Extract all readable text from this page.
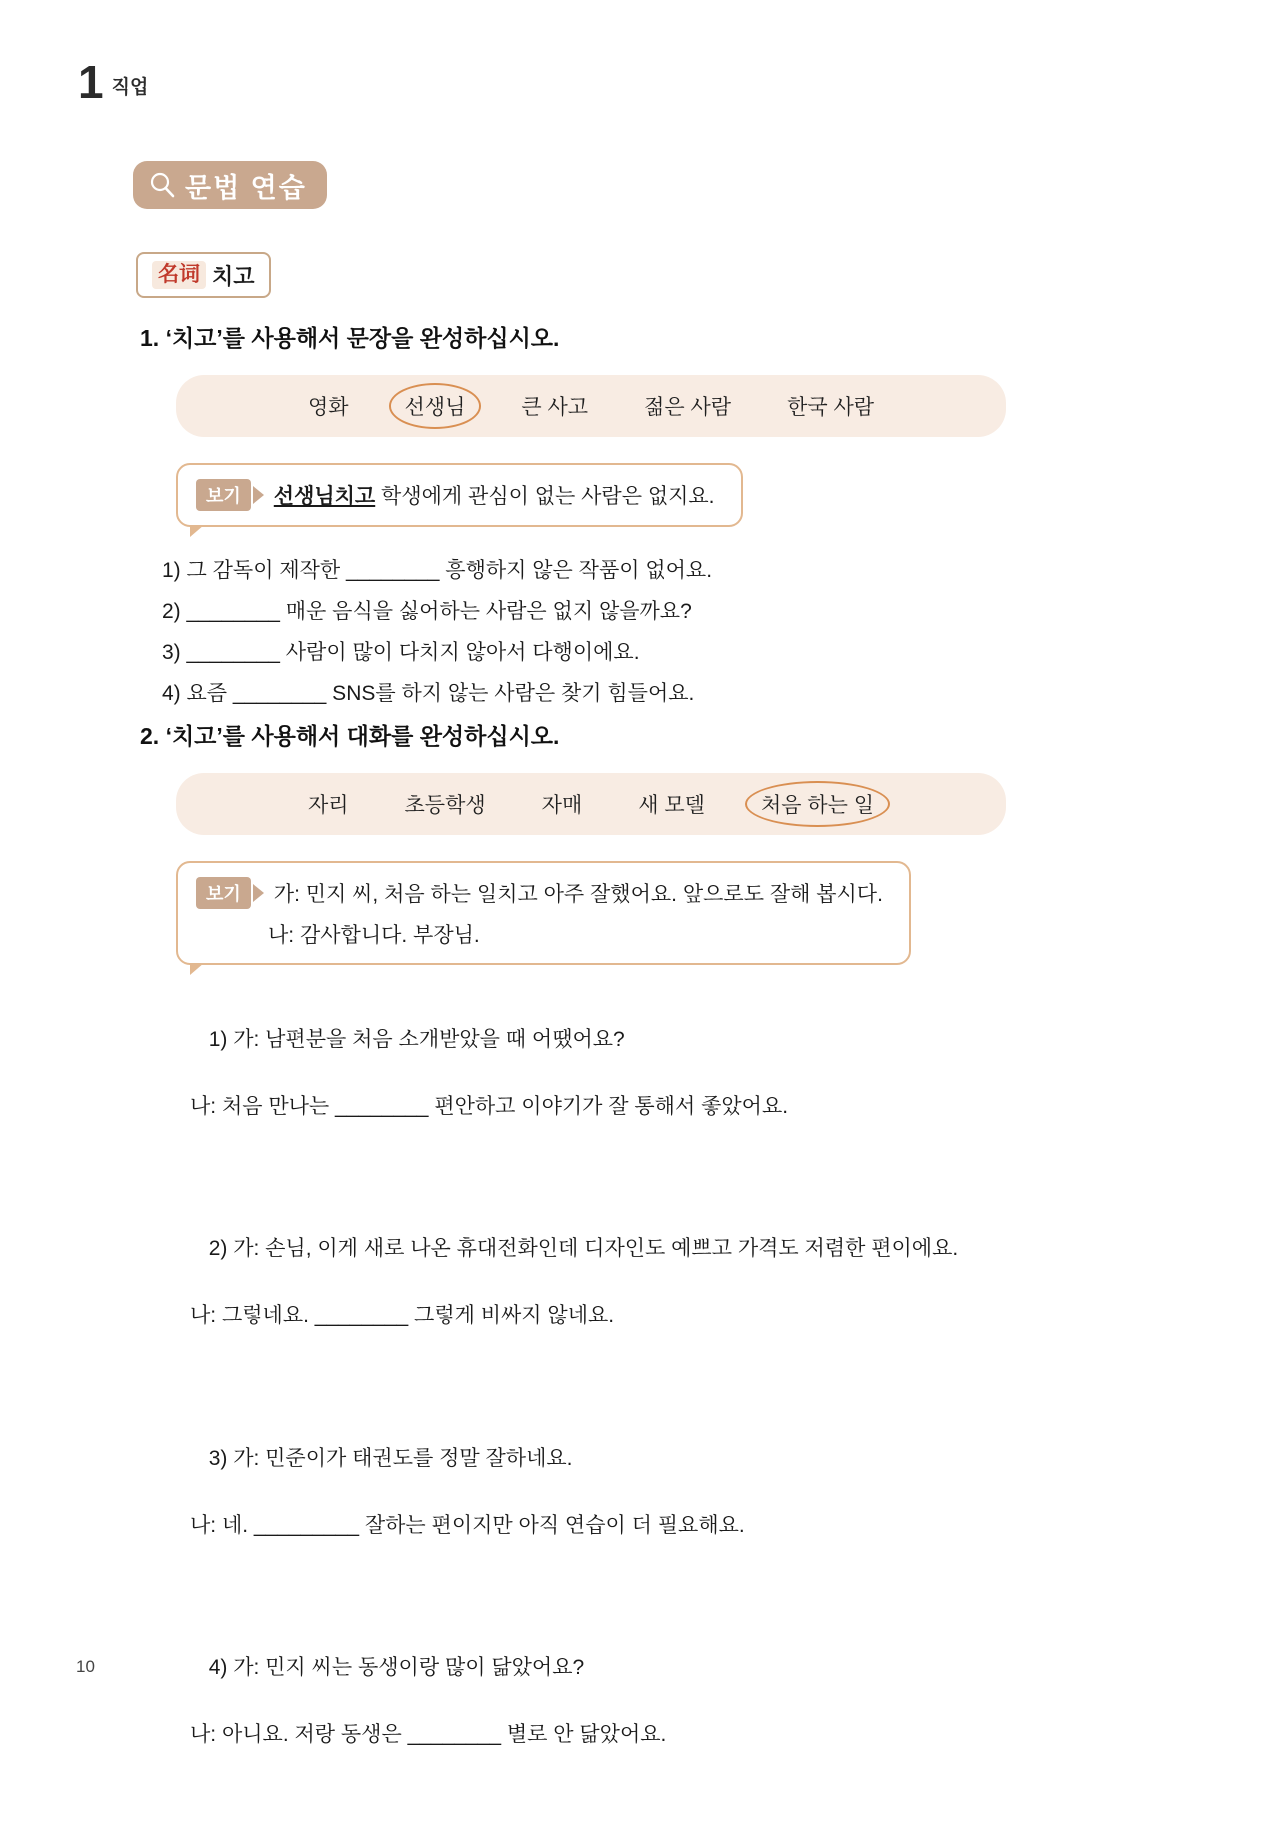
1 직업
문법 연습
名词 치고
1. ‘치고’를 사용해서 문장을 완성하십시오.
영화	선생님	큰 사고	젊은 사람	한국 사람
보기 선생님치고 학생에게 관심이 없는 사람은 없지요.
1) 그 감독이 제작한 ________ 흥행하지 않은 작품이 없어요.
2) ________ 매운 음식을 싫어하는 사람은 없지 않을까요?
3) ________ 사람이 많이 다치지 않아서 다행이에요.
4) 요즘 ________ SNS를 하지 않는 사람은 찾기 힘들어요.
2. ‘치고’를 사용해서 대화를 완성하십시오.
자리	초등학생	자매	새 모델	처음 하는 일
보기 가: 민지 씨, 처음 하는 일치고 아주 잘했어요. 앞으로도 잘해 봅시다.
나: 감사합니다. 부장님.

1) 가: 남편분을 처음 소개받았을 때 어땠어요?

나: 처음 만나는 ________ 편안하고 이야기가 잘 통해서 좋았어요.

2) 가: 손님, 이게 새로 나온 휴대전화인데 디자인도 예쁘고 가격도 저렴한 편이에요.

나: 그렇네요. ________ 그렇게 비싸지 않네요.

3) 가: 민준이가 태권도를 정말 잘하네요.

나: 네. _________ 잘하는 편이지만 아직 연습이 더 필요해요.

4) 가: 민지 씨는 동생이랑 많이 닮았어요?

나: 아니요. 저랑 동생은 ________ 별로 안 닮았어요.

10
